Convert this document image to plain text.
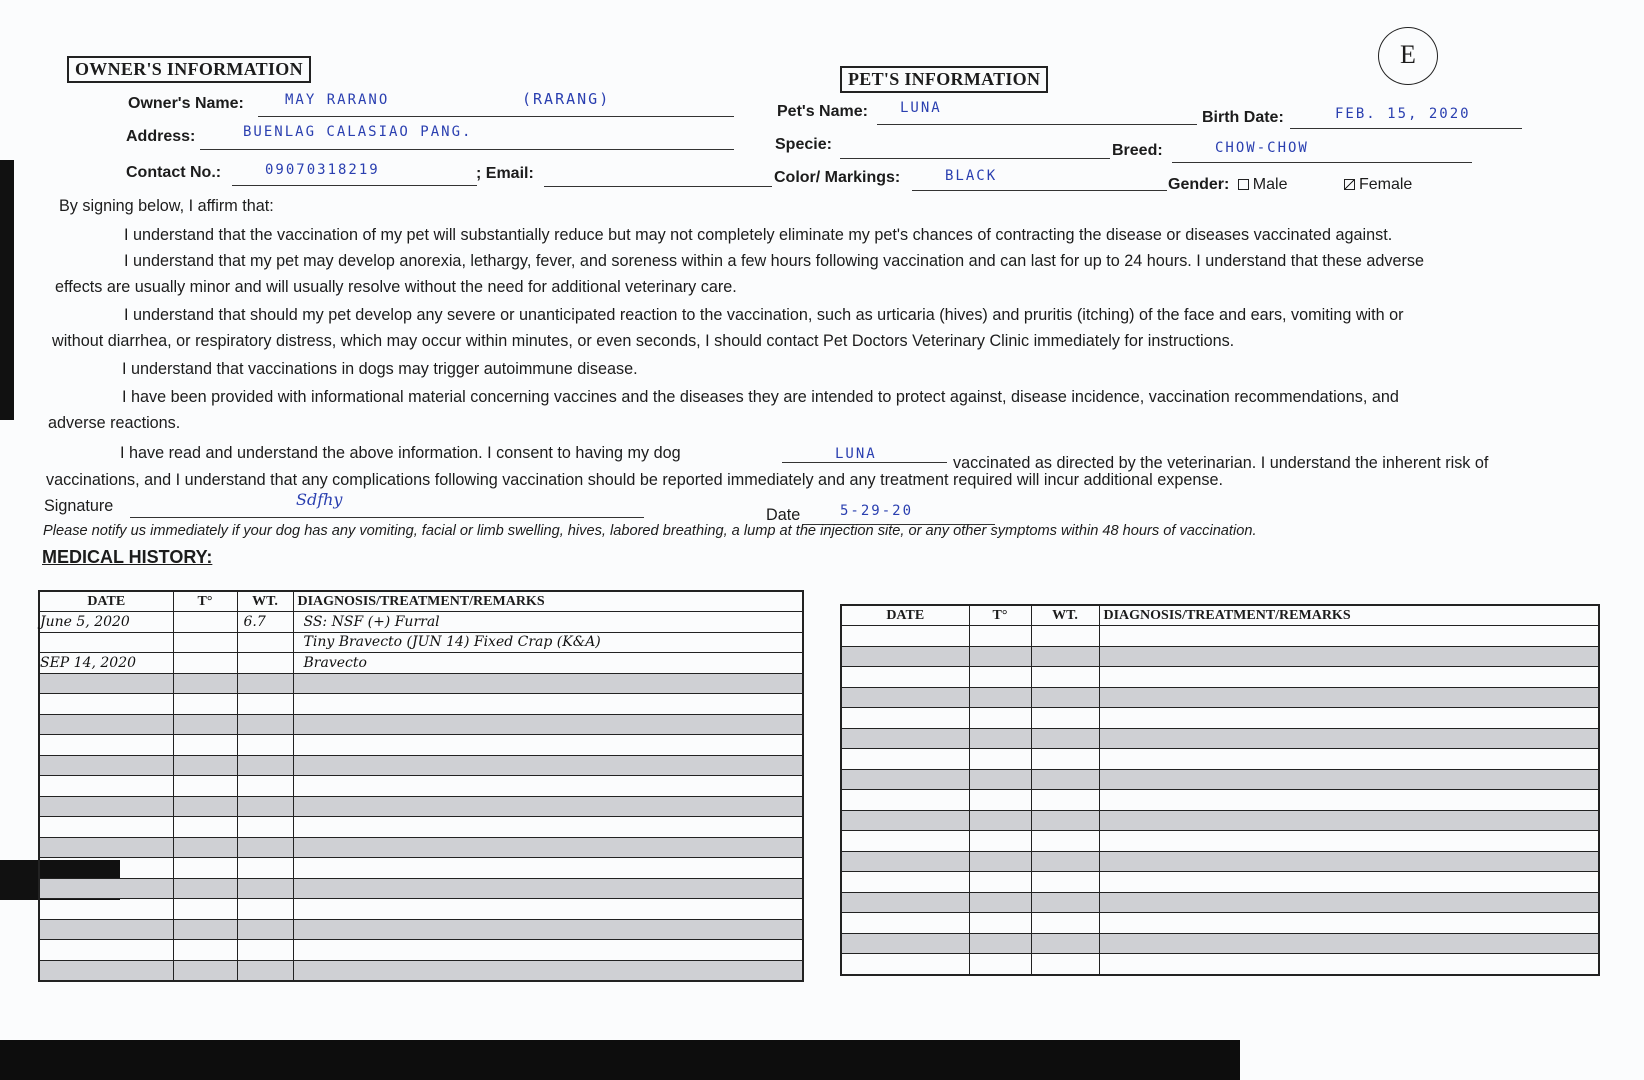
OWNER'S INFORMATION
Owner's Name:	MAY RARANO	(RARANG)
Address:	BUENLAG CALASIAO PANG.
Contact No.:	09070318219	; Email:
PET'S INFORMATION
E
Pet's Name: LUNA
Birth Date:	FEB. 15, 2020
Specie:	Breed:	CHOW-CHOW
Color/ Markings:	BLACK	Gender: Male	Female
By signing below, I affirm that:
I understand that the vaccination of my pet will substantially reduce but may not completely eliminate my pet's chances of contracting the disease or diseases vaccinated against.
I understand that my pet may develop anorexia, lethargy, fever, and soreness within a few hours following vaccination and can last for up to 24 hours. I understand that these adverse
effects are usually minor and will usually resolve without the need for additional veterinary care.
I understand that should my pet develop any severe or unanticipated reaction to the vaccination, such as urticaria (hives) and pruritis (itching) of the face and ears, vomiting with or
without diarrhea, or respiratory distress, which may occur within minutes, or even seconds, I should contact Pet Doctors Veterinary Clinic immediately for instructions.
I understand that vaccinations in dogs may trigger autoimmune disease.
I have been provided with informational material concerning vaccines and the diseases they are intended to protect against, disease incidence, vaccination recommendations, and
adverse reactions.
I have read and understand the above information. I consent to having my dog	LUNA	vaccinated as directed by the veterinarian. I understand the inherent risk of
vaccinations, and I understand that any complications following vaccination should be reported immediately and any treatment required will incur additional expense.
Signature	Sdfhy
Date	5-29-20
Please notify us immediately if your dog has any vomiting, facial or limb swelling, hives, labored breathing, a lump at the injection site, or any other symptoms within 48 hours of vaccination.
MEDICAL HISTORY:
DATE	T°	WT.	DIAGNOSIS/TREATMENT/REMARKS
June 5, 2020		6.7	SS: NSF (+) Furral
			Tiny Bravecto (JUN 14) Fixed Crap (K&A)
SEP 14, 2020			Bravecto

DATE	T°	WT.	DIAGNOSIS/TREATMENT/REMARKS
